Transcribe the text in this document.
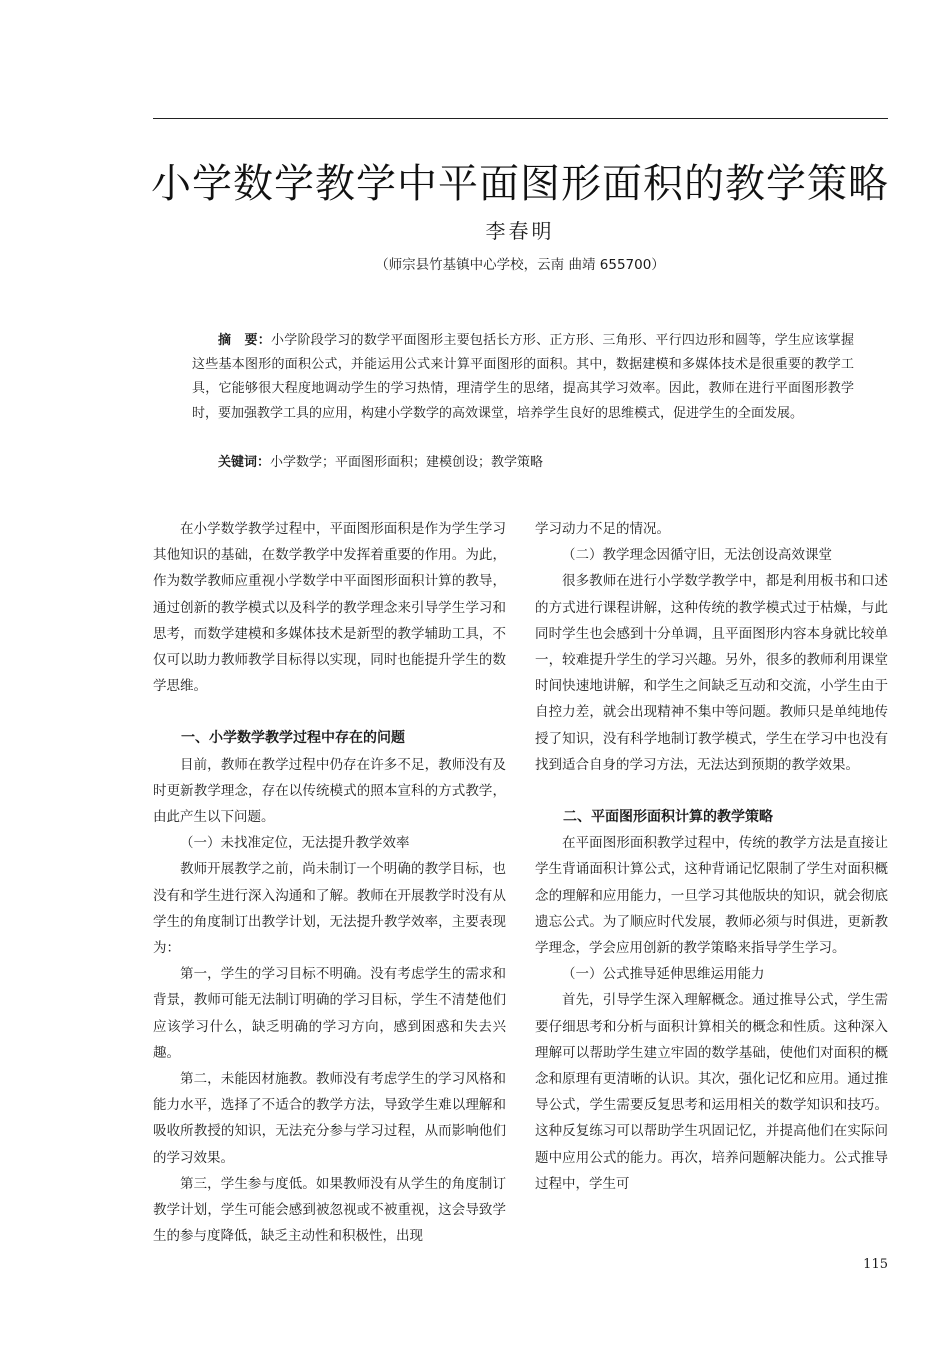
小学数学教学中平面图形面积的教学策略
李春明
（师宗县竹基镇中心学校，云南 曲靖 655700）

摘　要：小学阶段学习的数学平面图形主要包括长方形、正方形、三角形、平行四边形和圆等，学生应该掌握这些基本图形的面积公式，并能运用公式来计算平面图形的面积。其中，数据建模和多媒体技术是很重要的教学工具，它能够很大程度地调动学生的学习热情，理清学生的思绪，提高其学习效率。因此，教师在进行平面图形教学时，要加强教学工具的应用，构建小学数学的高效课堂，培养学生良好的思维模式，促进学生的全面发展。

关键词：小学数学；平面图形面积；建模创设；教学策略

在小学数学教学过程中，平面图形面积是作为学生学习其他知识的基础，在数学教学中发挥着重要的作用。为此，作为数学教师应重视小学数学中平面图形面积计算的教导，通过创新的教学模式以及科学的教学理念来引导学生学习和思考，而数学建模和多媒体技术是新型的教学辅助工具，不仅可以助力教师教学目标得以实现，同时也能提升学生的数学思维。

一、小学数学教学过程中存在的问题

目前，教师在教学过程中仍存在许多不足，教师没有及时更新教学理念，存在以传统模式的照本宣科的方式教学，由此产生以下问题。

（一）未找准定位，无法提升教学效率

教师开展教学之前，尚未制订一个明确的教学目标，也没有和学生进行深入沟通和了解。教师在开展教学时没有从学生的角度制订出教学计划，无法提升教学效率，主要表现为：

第一，学生的学习目标不明确。没有考虑学生的需求和背景，教师可能无法制订明确的学习目标，学生不清楚他们应该学习什么，缺乏明确的学习方向，感到困惑和失去兴趣。

第二，未能因材施教。教师没有考虑学生的学习风格和能力水平，选择了不适合的教学方法，导致学生难以理解和吸收所教授的知识，无法充分参与学习过程，从而影响他们的学习效果。

第三，学生参与度低。如果教师没有从学生的角度制订教学计划，学生可能会感到被忽视或不被重视，这会导致学生的参与度降低，缺乏主动性和积极性，出现

学习动力不足的情况。

（二）教学理念因循守旧，无法创设高效课堂

很多教师在进行小学数学教学中，都是利用板书和口述的方式进行课程讲解，这种传统的教学模式过于枯燥，与此同时学生也会感到十分单调，且平面图形内容本身就比较单一，较难提升学生的学习兴趣。另外，很多的教师利用课堂时间快速地讲解，和学生之间缺乏互动和交流，小学生由于自控力差，就会出现精神不集中等问题。教师只是单纯地传授了知识，没有科学地制订教学模式，学生在学习中也没有找到适合自身的学习方法，无法达到预期的教学效果。

二、平面图形面积计算的教学策略

在平面图形面积教学过程中，传统的教学方法是直接让学生背诵面积计算公式，这种背诵记忆限制了学生对面积概念的理解和应用能力，一旦学习其他版块的知识，就会彻底遗忘公式。为了顺应时代发展，教师必须与时俱进，更新教学理念，学会应用创新的教学策略来指导学生学习。

（一）公式推导延伸思维运用能力

首先，引导学生深入理解概念。通过推导公式，学生需要仔细思考和分析与面积计算相关的概念和性质。这种深入理解可以帮助学生建立牢固的数学基础，使他们对面积的概念和原理有更清晰的认识。其次，强化记忆和应用。通过推导公式，学生需要反复思考和运用相关的数学知识和技巧。这种反复练习可以帮助学生巩固记忆，并提高他们在实际问题中应用公式的能力。再次，培养问题解决能力。公式推导过程中，学生可

115
